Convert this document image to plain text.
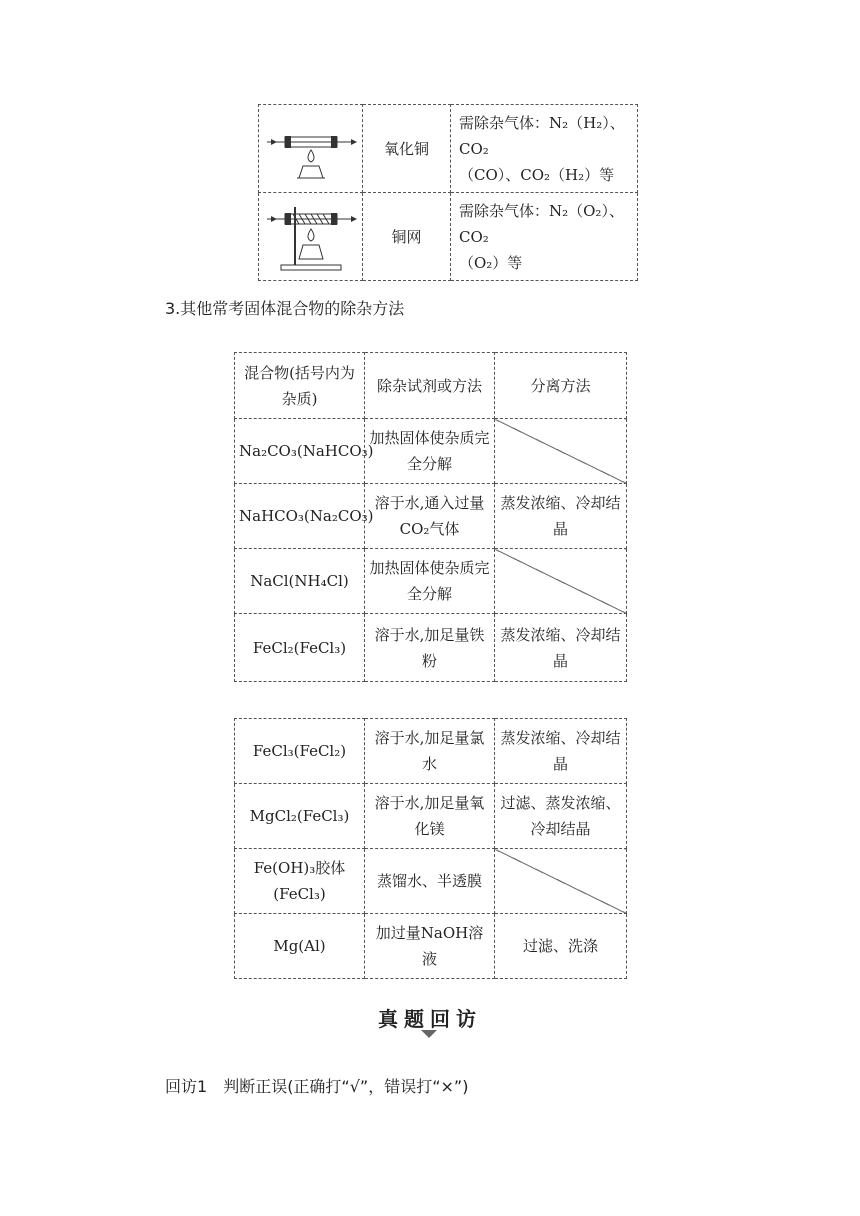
	氧化铜	需除杂气体：N₂（H₂）、CO₂
（CO）、CO₂（H₂）等

	铜网	需除杂气体：N₂（O₂）、CO₂
（O₂）等
3.其他常考固体混合物的除杂方法
混合物(括号内为杂质)	除杂试剂或方法	分离方法
Na₂CO₃(NaHCO₃)	加热固体使杂质完全分解	
NaHCO₃(Na₂CO₃)	溶于水,通入过量CO₂气体	蒸发浓缩、冷却结晶
NaCl(NH₄Cl)	加热固体使杂质完全分解	
FeCl₂(FeCl₃)	溶于水,加足量铁粉	蒸发浓缩、冷却结晶
FeCl₃(FeCl₂)	溶于水,加足量氯水	蒸发浓缩、冷却结晶
MgCl₂(FeCl₃)	溶于水,加足量氧化镁	过滤、蒸发浓缩、冷却结晶
Fe(OH)₃胶体(FeCl₃)	蒸馏水、半透膜	
Mg(Al)	加过量NaOH溶液	过滤、洗涤
真题回访
回访1 判断正误(正确打“√”，错误打“×”)
